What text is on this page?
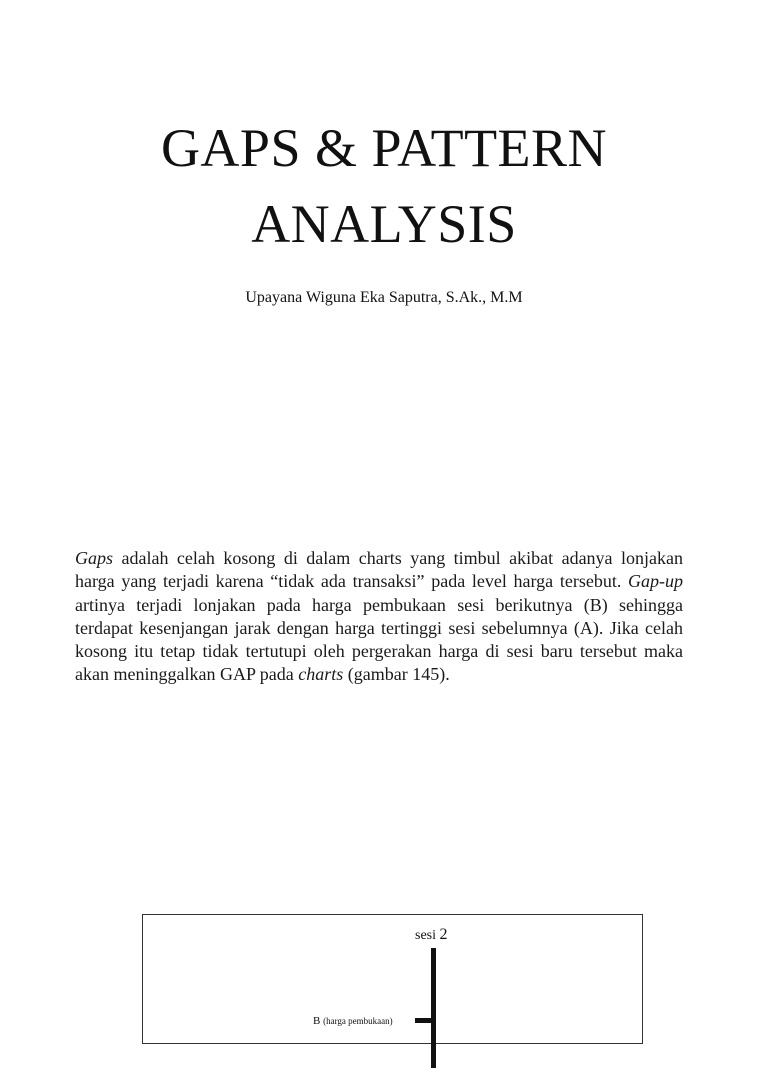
GAPS & PATTERN
ANALYSIS

Upayana Wiguna Eka Saputra, S.Ak., M.M

Gaps adalah celah kosong di dalam charts yang timbul akibat adanya lonjakan harga yang terjadi karena “tidak ada transaksi” pada level harga tersebut. Gap-up artinya terjadi lonjakan pada harga pembukaan sesi berikutnya (B) sehingga terdapat kesenjangan jarak dengan harga tertinggi sesi sebelumnya (A). Jika celah kosong itu tetap tidak tertutupi oleh pergerakan harga di sesi baru tersebut maka akan meninggalkan GAP pada charts (gambar 145).

sesi 2
B (harga pembukaan)
